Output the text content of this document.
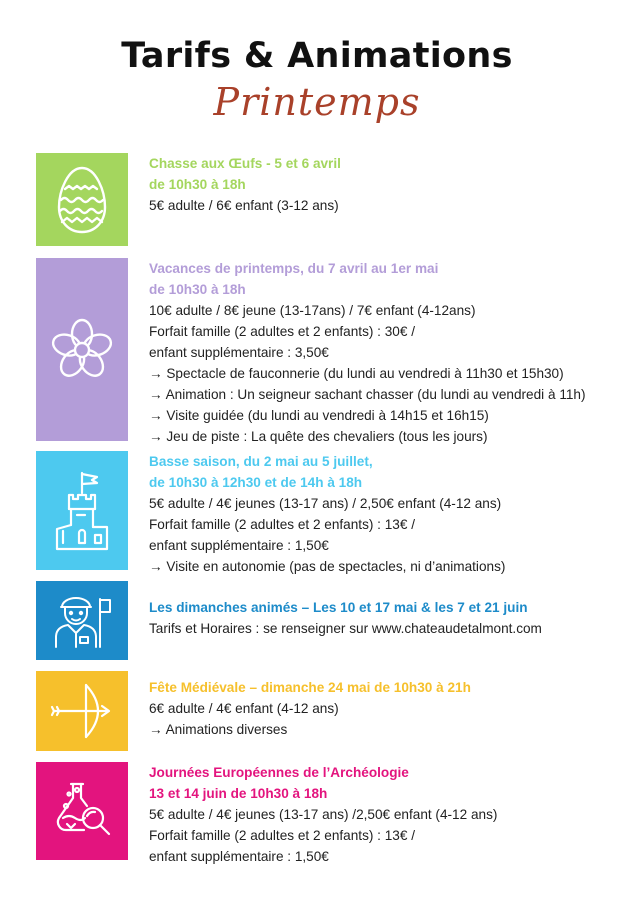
Tarifs & Animations
Printemps
Chasse aux Œufs - 5 et 6 avril
de 10h30 à 18h
5€ adulte / 6€ enfant (3-12 ans)
Vacances de printemps, du 7 avril au 1er mai
de 10h30 à 18h
10€ adulte / 8€ jeune (13-17ans) / 7€ enfant (4-12ans)
Forfait famille (2 adultes et 2 enfants) : 30€ /
enfant supplémentaire : 3,50€
→ Spectacle de fauconnerie (du lundi au vendredi à 11h30 et 15h30)
→ Animation : Un seigneur sachant chasser (du lundi au vendredi à 11h)
→ Visite guidée (du lundi au vendredi à 14h15 et 16h15)
→ Jeu de piste : La quête des chevaliers (tous les jours)
Basse saison, du 2 mai au 5 juillet,
de 10h30 à 12h30 et de 14h à 18h
5€ adulte / 4€ jeunes (13-17 ans) / 2,50€ enfant (4-12 ans)
Forfait famille (2 adultes et 2 enfants) : 13€ /
enfant supplémentaire : 1,50€
→ Visite en autonomie (pas de spectacles, ni d’animations)
Les dimanches animés – Les 10 et 17 mai & les 7 et 21 juin
Tarifs et Horaires : se renseigner sur www.chateaudetalmont.com
Fête Médiévale – dimanche 24 mai de 10h30 à 21h
6€ adulte / 4€ enfant (4-12 ans)
→ Animations diverses
Journées Européennes de l’Archéologie
13 et 14 juin de 10h30 à 18h
5€ adulte / 4€ jeunes (13-17 ans) /2,50€ enfant (4-12 ans)
Forfait famille (2 adultes et 2 enfants) : 13€ /
enfant supplémentaire : 1,50€
